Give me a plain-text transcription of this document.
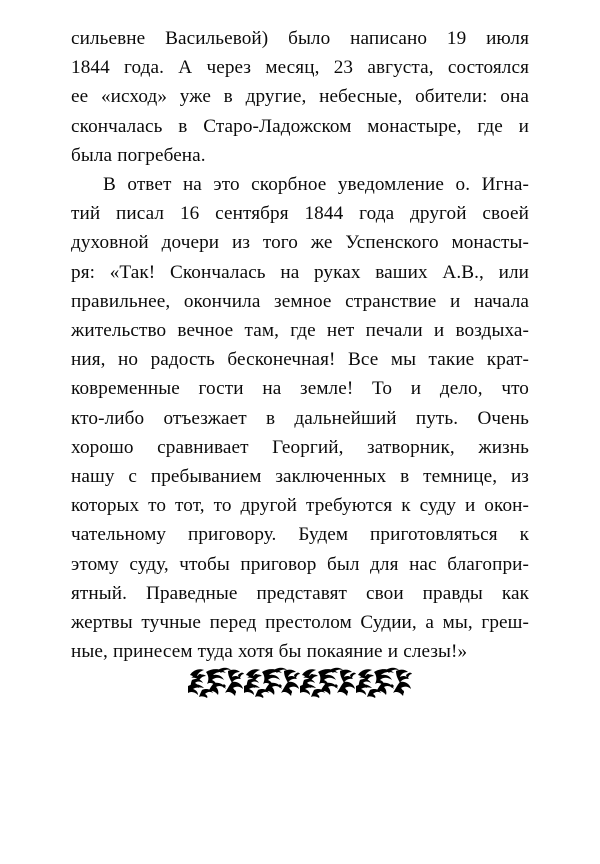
сильевне Васильевой) было написано 19 июля
1844 года. А через месяц, 23 августа, состоялся
ее «исход» уже в другие, небесные, обители: она
скончалась в Старо-Ладожском монастыре, где и
была погребена.

В ответ на это скорбное уведомление о. Игна-
тий писал 16 сентября 1844 года другой своей
духовной дочери из того же Успенского монасты-
ря: «Так! Скончалась на руках ваших А.В., или
правильнее, окончила земное странствие и начала
жительство вечное там, где нет печали и воздыха-
ния, но радость бесконечная! Все мы такие крат-
ковременные гости на земле! То и дело, что
кто-либо отъезжает в дальнейший путь. Очень
хорошо сравнивает Георгий, затворник, жизнь
нашу с пребыванием заключенных в темнице, из
которых то тот, то другой требуются к суду и окон-
чательному приговору. Будем приготовляться к
этому суду, чтобы приговор был для нас благопри-
ятный. Праведные представят свои правды как
жертвы тучные перед престолом Судии, а мы, греш-
ные, принесем туда хотя бы покаяние и слезы!»
